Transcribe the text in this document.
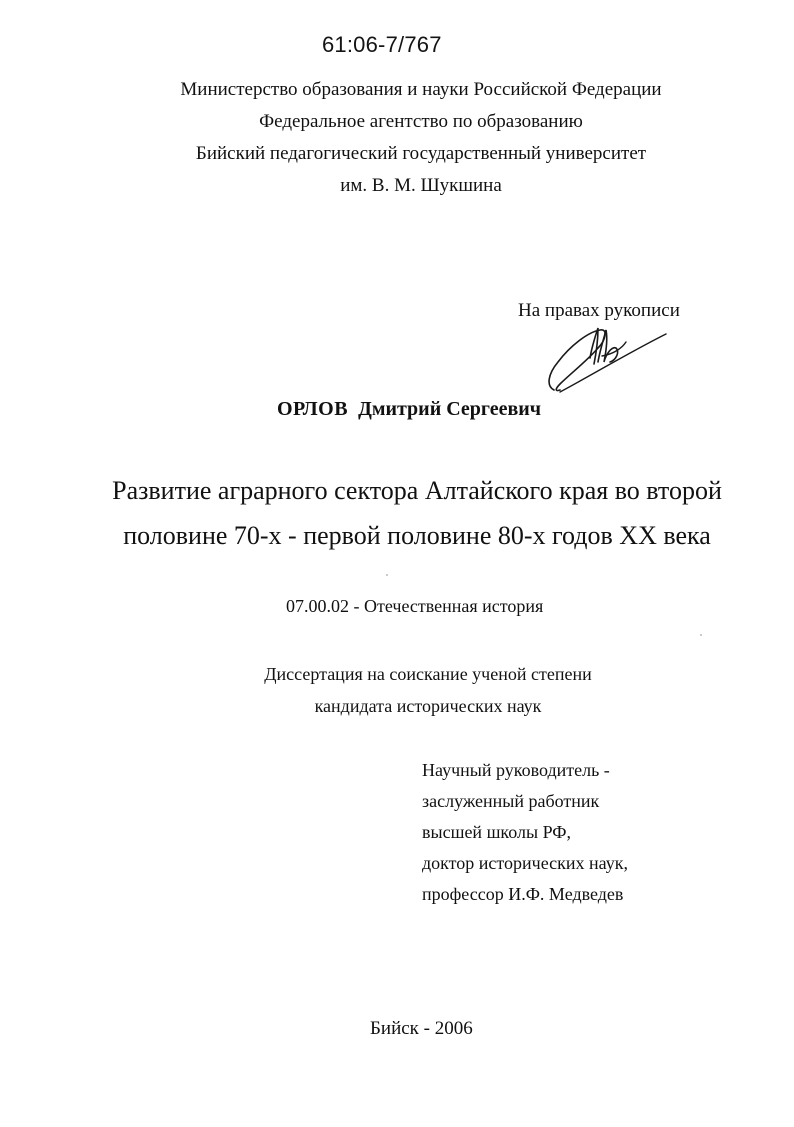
61:06-7/767
Министерство образования и науки Российской Федерации
Федеральное агентство по образованию
Бийский педагогический государственный университет
им. В. М. Шукшина
На правах рукописи
ОРЛОВ Дмитрий Сергеевич
Развитие аграрного сектора Алтайского края во второй
половине 70-х - первой половине 80-х годов XX века
07.00.02 - Отечественная история
Диссертация на соискание ученой степени
кандидата исторических наук
Научный руководитель -
заслуженный работник
высшей школы РФ,
доктор исторических наук,
профессор И.Ф. Медведев
Бийск - 2006
